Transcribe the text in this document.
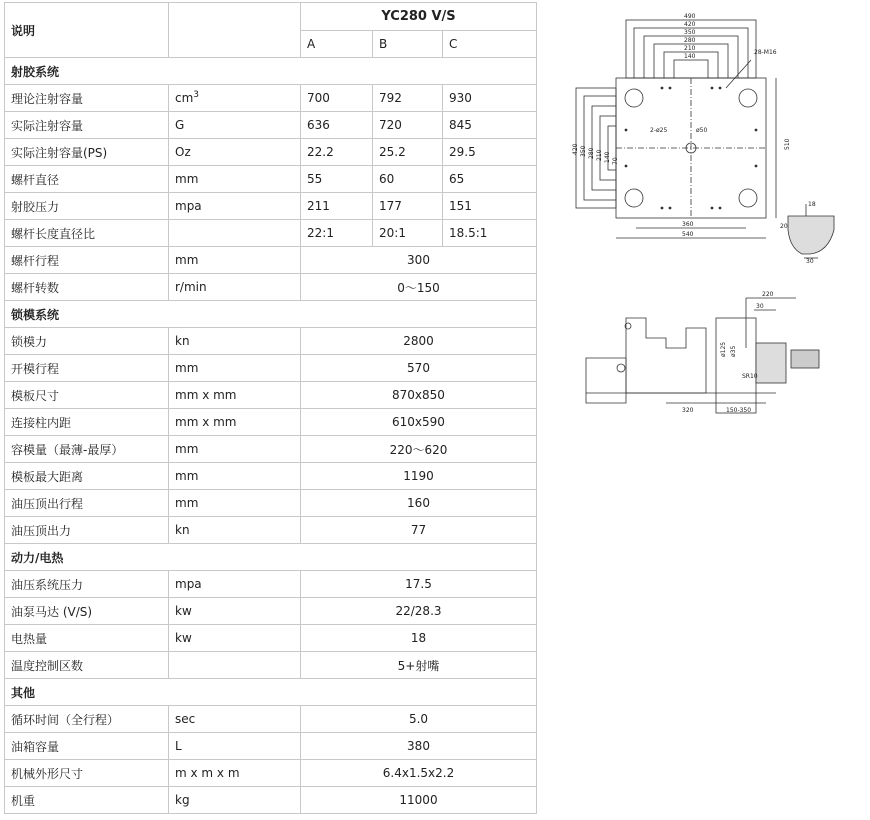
说明		YC280 V/S		
		A	B	C
射胶系统				
理论注射容量	$cm^3$	700	792	930
实际注射容量	G	636	720	845
实际注射容量(PS)	Oz	22.2	25.2	29.5
螺杆直径	mm	55	60	65
射胶压力	mpa	211	177	151
螺杆长度直径比		22:1	20:1	18.5:1
螺杆行程	mm	300		
螺杆转数	r/min	0～150		
锁模系统				
锁模力	kn	2800		
开模行程	mm	570		
模板尺寸	mm x mm	870x850		
连接柱内距	mm x mm	610x590		
容模量（最薄-最厚）	mm	220～620		
模板最大距离	mm	1190		
油压顶出行程	mm	160		
油压顶出力	kn	77		
动力/电热				
油压系统压力	mpa	17.5		
油泵马达 (V/S)	kw	22/28.3		
电热量	kw	18		
温度控制区数		5+射嘴		
其他				
循环时间（全行程）	sec	5.0		
油箱容量	L	380		
机械外形尺寸	m x m x m	6.4x1.5x2.2		
机重	kg	11000		
490
420
350
280
210
140
420 350 280 210 140 70
28-M16
2-ø25	ø50
510
360
540
18
20
30
220
30
ø125 ø35
SR10
320	150-350
